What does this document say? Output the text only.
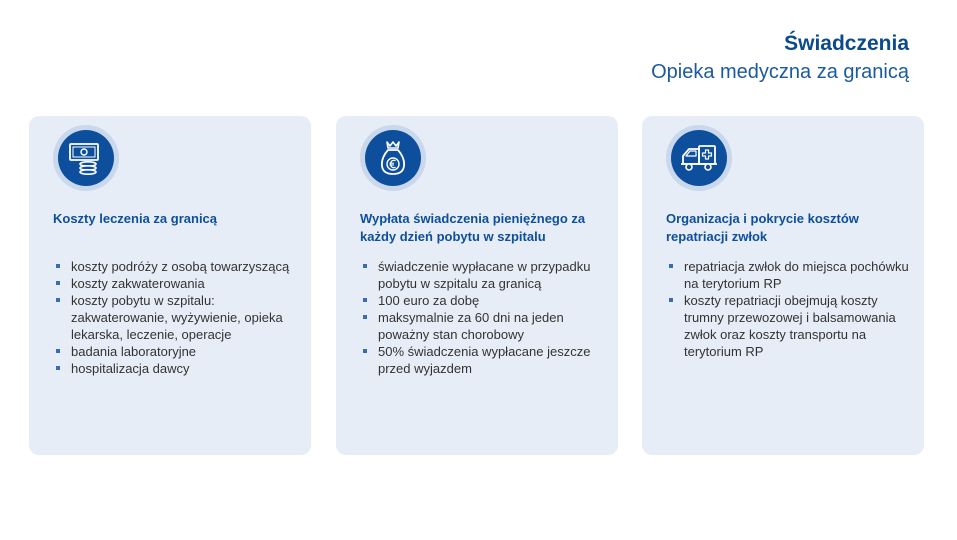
Świadczenia
Opieka medyczna za granicą
Koszty leczenia za granicą
koszty podróży z osobą towarzyszącą
koszty zakwaterowania
koszty pobytu w szpitalu: zakwaterowanie, wyżywienie, opieka lekarska, leczenie, operacje
badania laboratoryjne
hospitalizacja dawcy
Wypłata świadczenia pieniężnego za każdy dzień pobytu w szpitalu
świadczenie wypłacane w przypadku pobytu w szpitalu za granicą
100 euro za dobę
maksymalnie za 60 dni na jeden poważny stan chorobowy
50% świadczenia wypłacane jeszcze przed wyjazdem
Organizacja i pokrycie kosztów repatriacji zwłok
repatriacja zwłok do miejsca pochówku na terytorium RP
koszty repatriacji obejmują koszty trumny przewozowej i balsamowania zwłok oraz koszty transportu na terytorium RP
